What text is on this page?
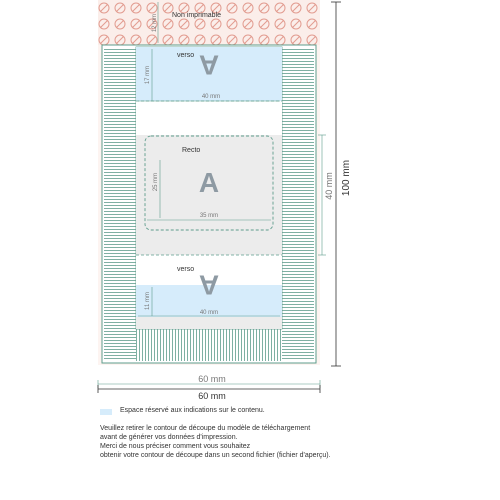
A
A
A
Non imprimable
verso
Recto
verso
12 mm
17 mm
40 mm
25 mm
35 mm
11 mm
40 mm
40 mm 100 mm
60 mm
60 mm
Espace réservé aux indications sur le contenu.
Veuillez retirer le contour de découpe du modèle de téléchargement
avant de générer vos données d'impression.
Merci de nous préciser comment vous souhaitez
obtenir votre contour de découpe dans un second fichier (fichier d'aperçu).
